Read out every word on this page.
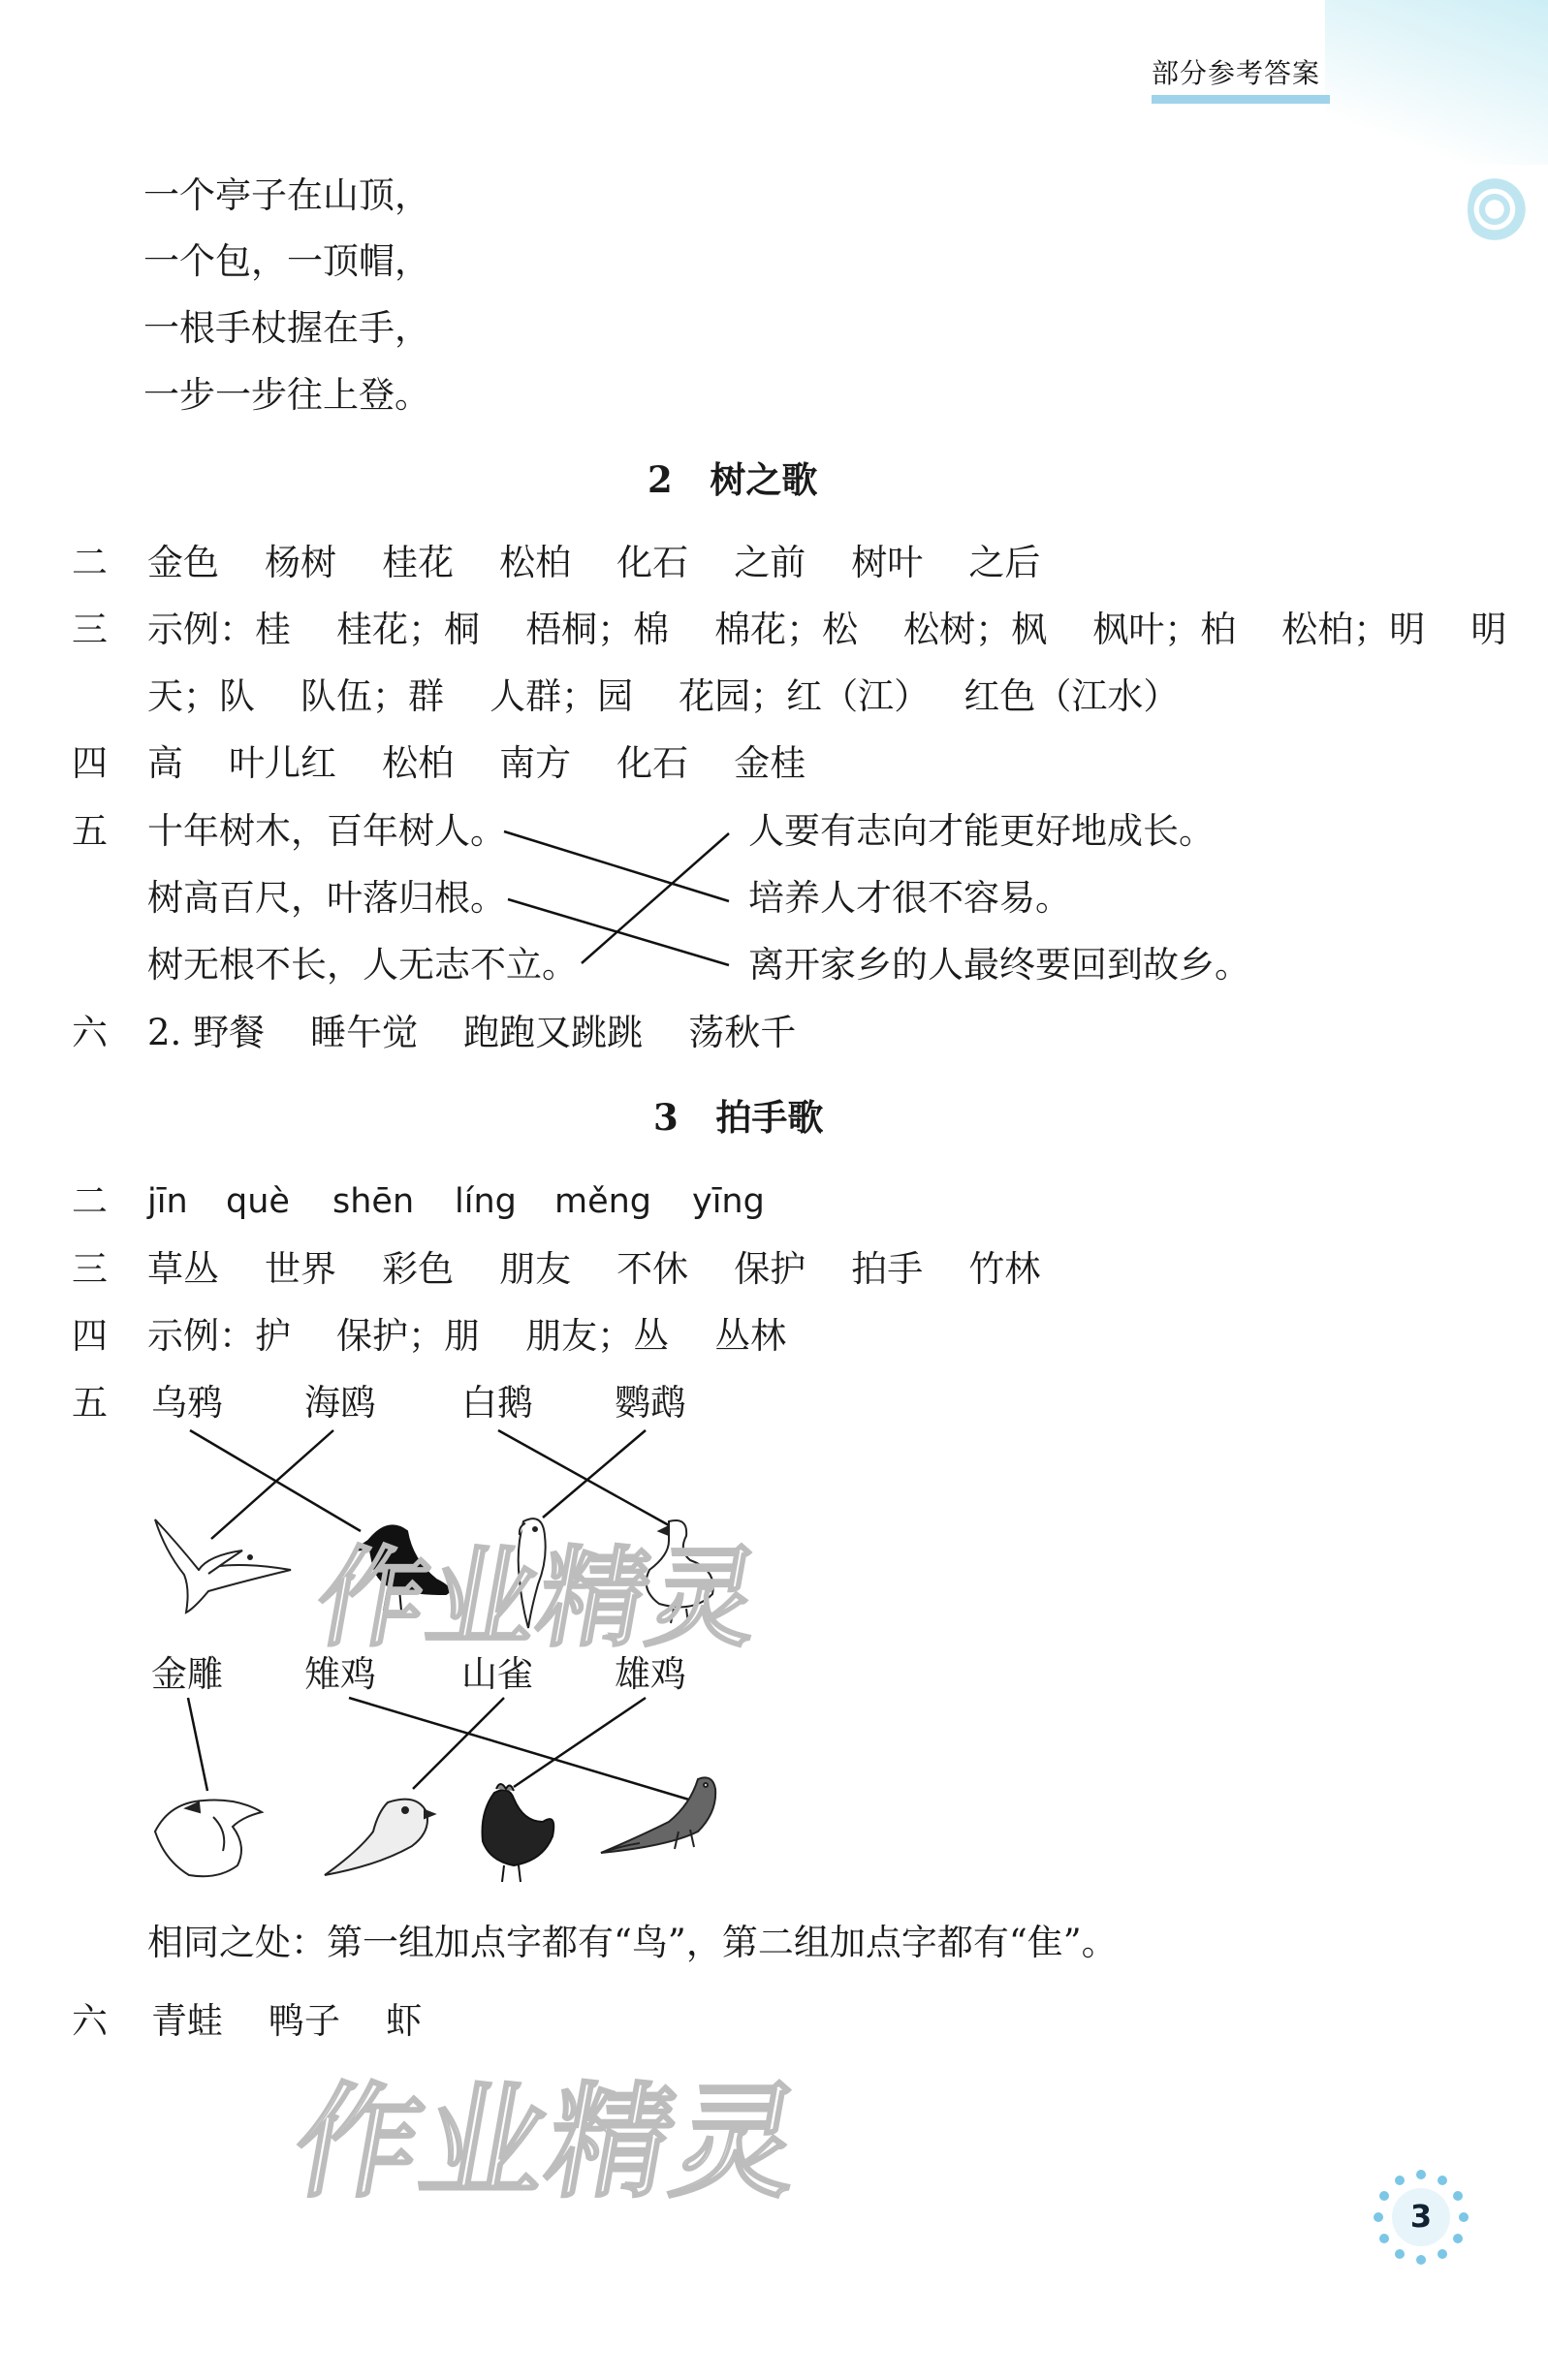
部分参考答案
一个亭子在山顶，
一个包，一顶帽，
一根手杖握在手，
一步一步往上登。
2 树之歌
二 金色    杨树    桂花    松柏    化石    之前    树叶    之后
三 示例：桂    桂花；桐    梧桐；棉    棉花；松    松树；枫    枫叶；柏    松柏；明    明
天；队    队伍；群    人群；园    花园；红（江）   红色（江水）
四 高    叶儿红    松柏    南方    化石    金桂
五 十年树木，百年树人。
树高百尺，叶落归根。
树无根不长，人无志不立。
人要有志向才能更好地成长。
培养人才很不容易。
离开家乡的人最终要回到故乡。
六 2. 野餐    睡午觉    跑跑又跳跳    荡秋千
3 拍手歌
二 jīn què shēn líng měng yīng
三 草丛    世界    彩色    朋友    不休    保护    拍手    竹林
四 示例：护    保护；朋    朋友；丛    丛林
五 乌鸦 海鸥 白鹅 鹦鹉
金雕 雉鸡 山雀 雄鸡
相同之处：第一组加点字都有“鸟”，第二组加点字都有“隹”。
六 青蛙    鸭子    虾
作业精灵
作业精灵
3
